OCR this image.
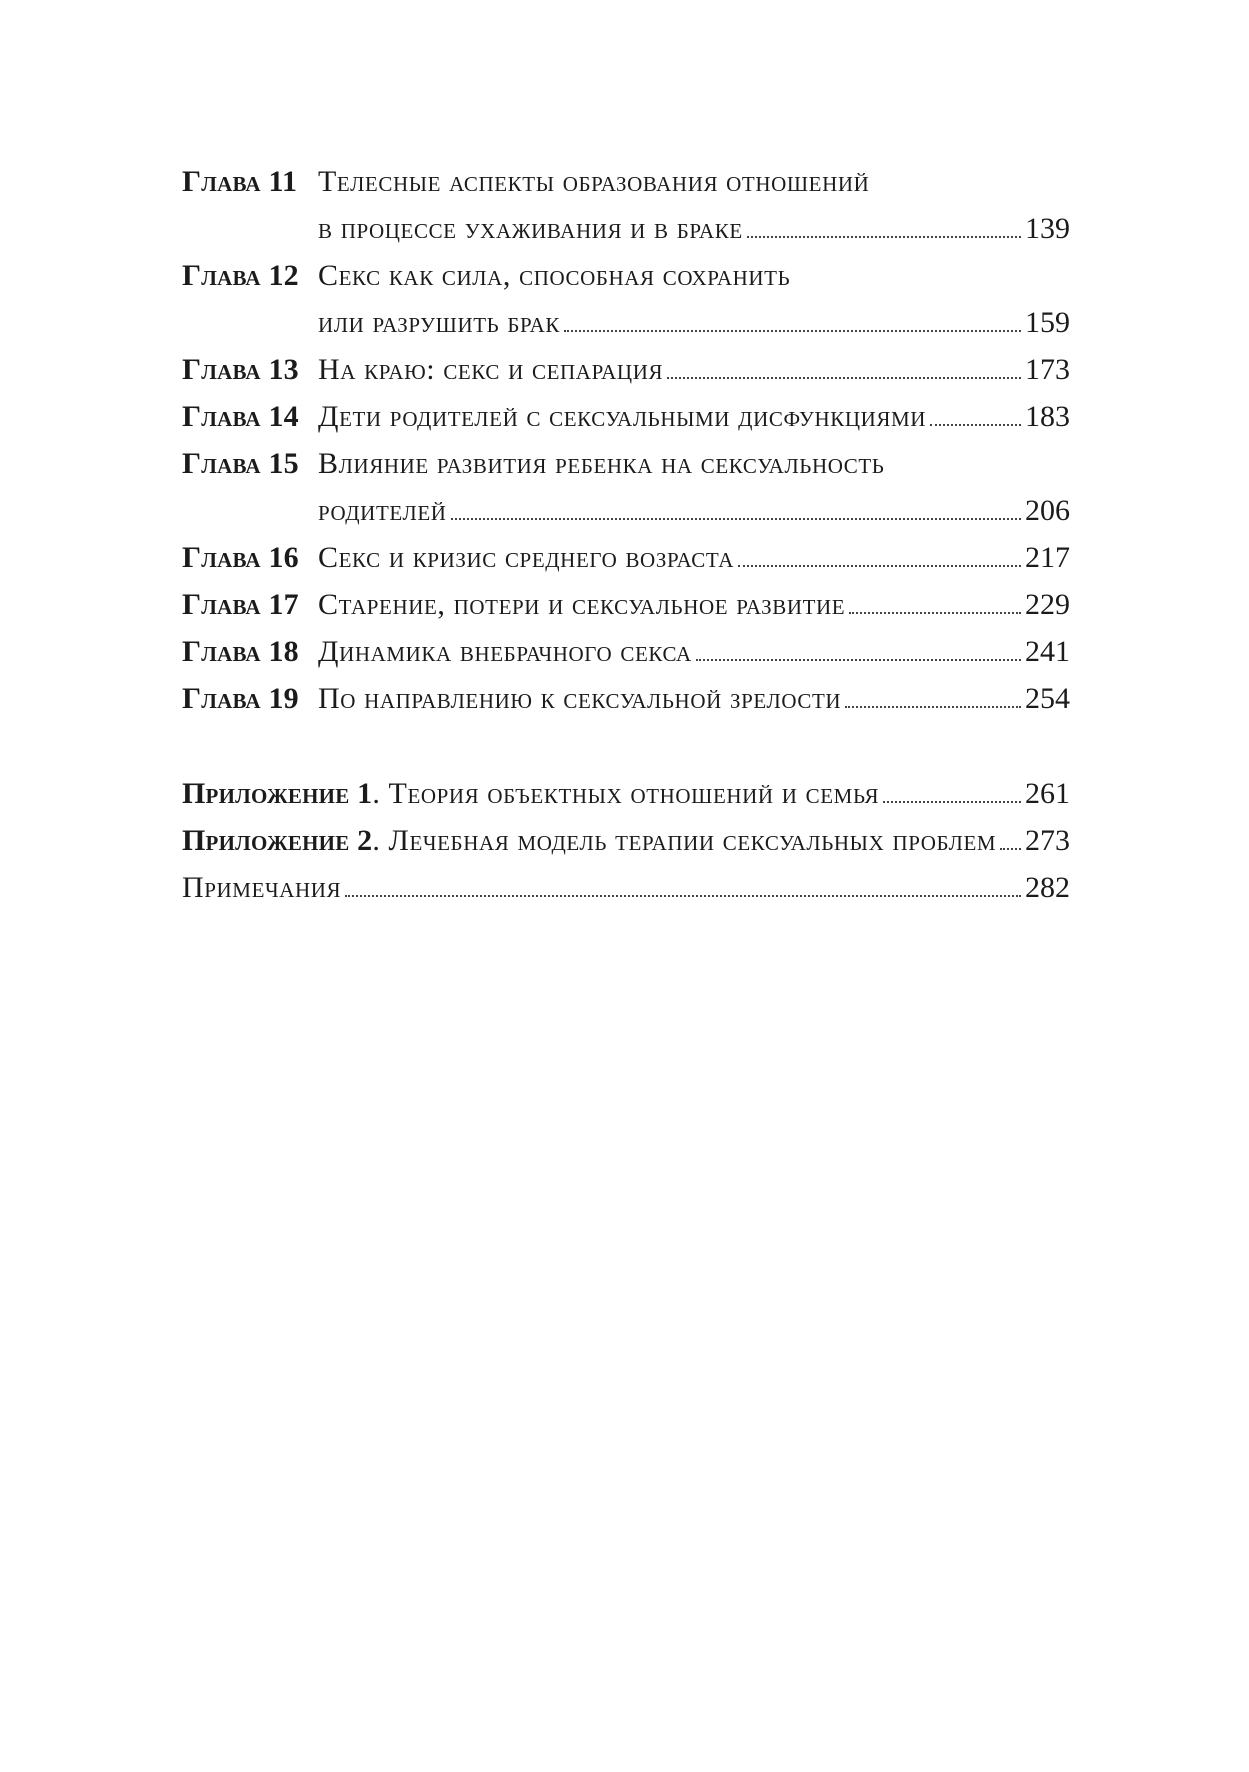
Глава 11 Телесные аспекты образования отношений
в процессе ухаживания и в браке	139
Глава 12 Секс как сила, способная сохранить
или разрушить брак	159
Глава 13 На краю: секс и сепарация	173
Глава 14 Дети родителей с сексуальными дисфункциями	183
Глава 15 Влияние развития ребенка на сексуальность
родителей	206
Глава 16 Секс и кризис среднего возраста	217
Глава 17 Старение, потери и сексуальное развитие	229
Глава 18 Динамика внебрачного секса	241
Глава 19 По направлению к сексуальной зрелости	254
Приложение 1 . Теория объектных отношений и семья	261
Приложение 2 . Лечебная модель терапии сексуальных проблем 273
Примечания	282
